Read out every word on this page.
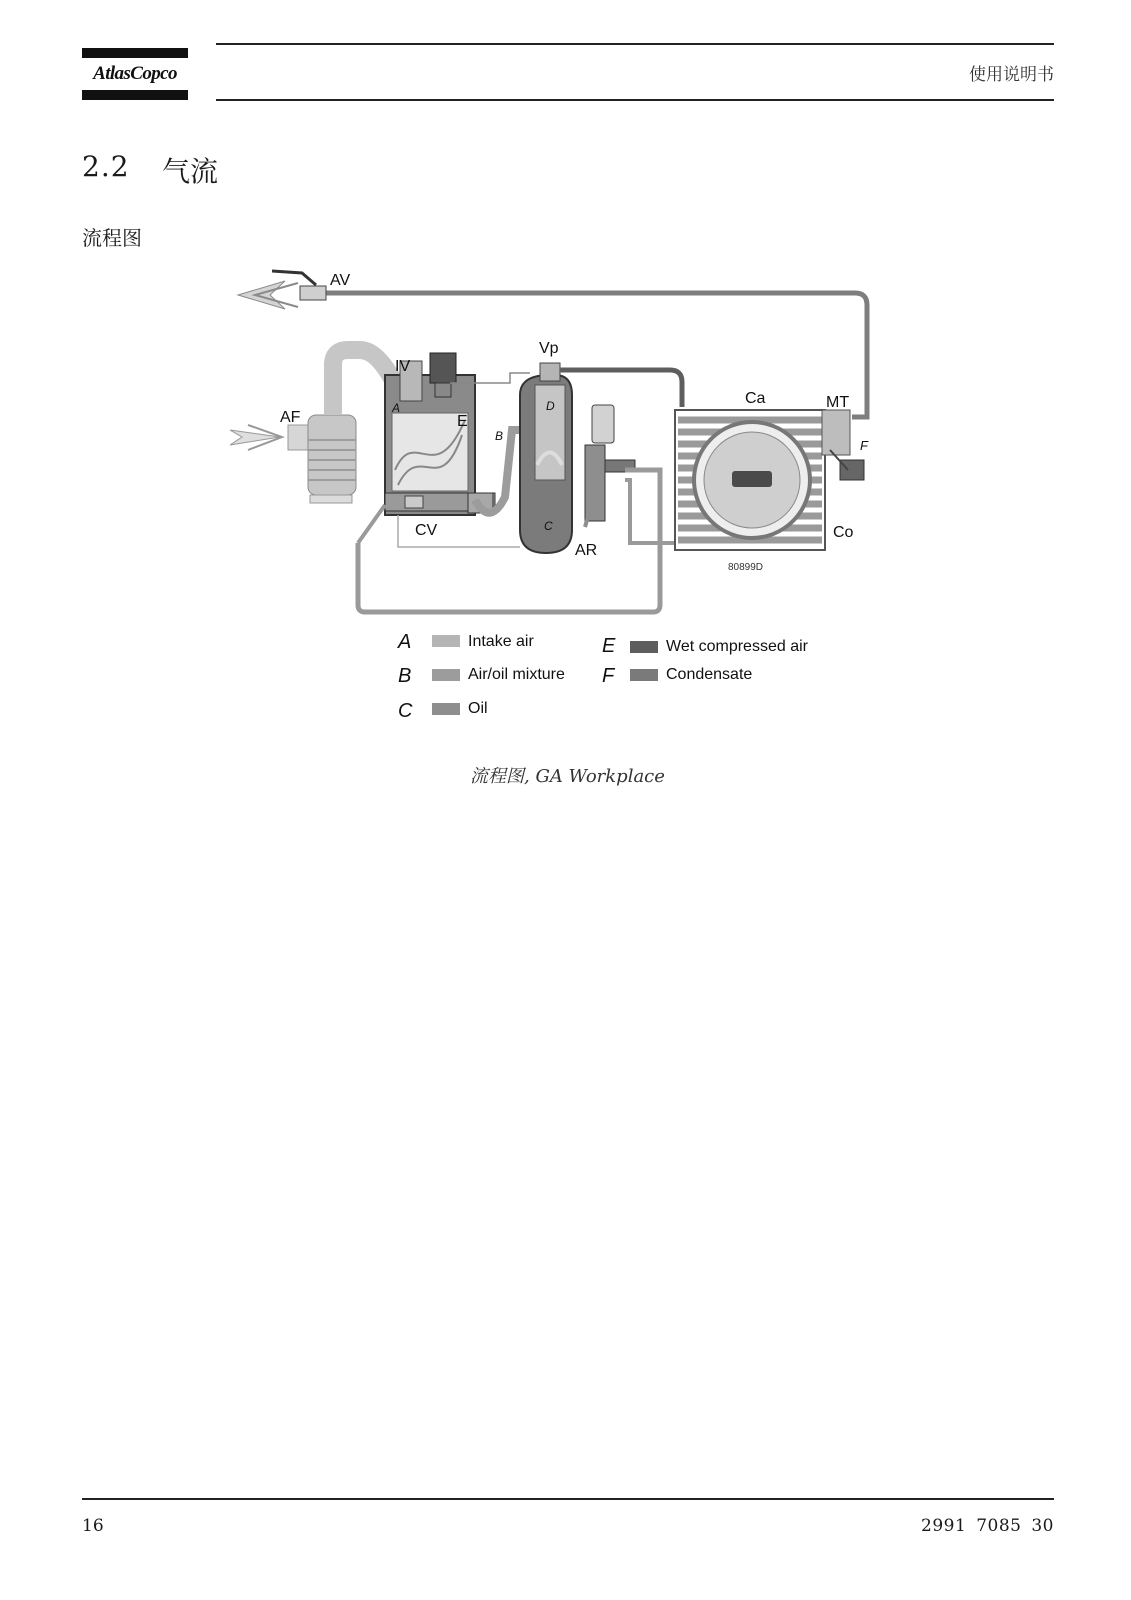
AtlasCopco	使用说明书
2.2 气流
流程图
AV
IV
Vp
Ca	MT
AF	E
F
CV
AR
Co
A
B
C
D
80899D
A	Intake air
B	Air/oil mixture
C	Oil
E	Wet compressed air
F	Condensate
流程图, GA Workplace
16	2991 7085 30
